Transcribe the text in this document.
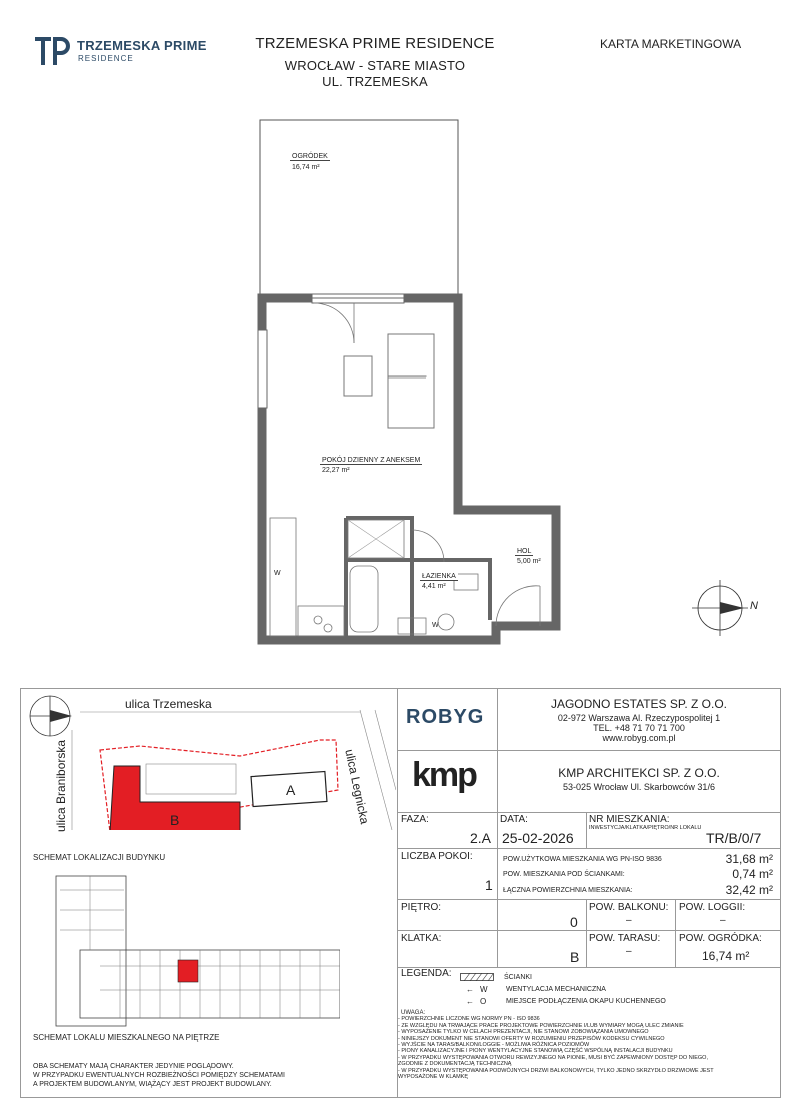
TRZEMESKA PRIME
RESIDENCE
TRZEMESKA PRIME RESIDENCE
WROCŁAW - STARE MIASTO
UL. TRZEMESKA
KARTA MARKETINGOWA
OGRÓDEK
16,74 m²
POKÓJ DZIENNY Z ANEKSEM
22,27 m²
ŁAZIENKA
4,41 m²
HOL
5,00 m²
W
W
N
ulica Trzemeska
ulica Braniborska	ulica Legnicka
B
A
SCHEMAT LOKALIZACJI BUDYNKU
SCHEMAT LOKALU MIESZKALNEGO NA PIĘTRZE
OBA SCHEMATY MAJĄ CHARAKTER JEDYNIE POGLĄDOWY.
W PRZYPADKU EWENTUALNYCH ROZBIEŻNOŚCI POMIĘDZY SCHEMATAMI
A PROJEKTEM BUDOWLANYM, WIĄŻĄCY JEST PROJEKT BUDOWLANY.
ROBYG
JAGODNO ESTATES SP. Z O.O.
02-972 Warszawa Al. Rzeczypospolitej 1
TEL. +48 71 70 71 700
www.robyg.com.pl
kmp	KMP ARCHITEKCI SP. Z O.O.
53-025 Wrocław Ul. Skarbowców 31/6
FAZA:
2.A
DATA:
25-02-2026
NR MIESZKANIA:
INWESTYCJA/KLATKA/PIĘTRO/NR LOKALU
TR/B/0/7
LICZBA POKOI:
1
POW.UŻYTKOWA MIESZKANIA WG PN-ISO 9836	31,68 m²
POW. MIESZKANIA POD ŚCIANKAMI:	0,74 m²
ŁĄCZNA POWIERZCHNIA MIESZKANIA:	32,42 m²
PIĘTRO:
0
POW. BALKONU:
–
POW. LOGGII:
–
KLATKA:
B
POW. TARASU:
–
POW. OGRÓDKA:
16,74 m²
LEGENDA:	ŚCIANKI
← W	WENTYLACJA MECHANICZNA
← O	MIEJSCE PODŁĄCZENIA OKAPU KUCHENNEGO
UWAGA:
- POWIERZCHNIE LICZONE WG NORMY PN - ISO 9836
- ZE WZGLĘDU NA TRWAJĄCE PRACE PROJEKTOWE POWIERZCHNIE I/LUB WYMIARY MOGĄ ULEC ZMIANIE
- WYPOSAŻENIE TYLKO W CELACH PREZENTACJI, NIE STANOWI ZOBOWIĄZANIA UMOWNEGO
- NINIEJSZY DOKUMENT NIE STANOWI OFERTY W ROZUMIENIU PRZEPISÓW KODEKSU CYWILNEGO
- WYJŚCIE NA TARAS/BALKON/LOGGIE - MOŻLIWA RÓŻNICA POZIOMÓW
- PIONY KANALIZACYJNE I PIONY WENTYLACYJNE STANOWIĄ CZĘŚĆ WSPÓLNĄ INSTALACJI BUDYNKU
- W PRZYPADKU WYSTĘPOWANIA OTWORU REWIZYJNEGO NA PIONIE, MUSI BYĆ ZAPEWNIONY DOSTĘP DO NIEGO,
ZGODNIE Z DOKUMENTACJĄ TECHNICZNĄ
- W PRZYPADKU WYSTĘPOWANIA PODWÓJNYCH DRZWI BALKONOWYCH, TYLKO JEDNO SKRZYDŁO DRZWIOWE JEST
WYPOSAŻONE W KLAMKĘ
